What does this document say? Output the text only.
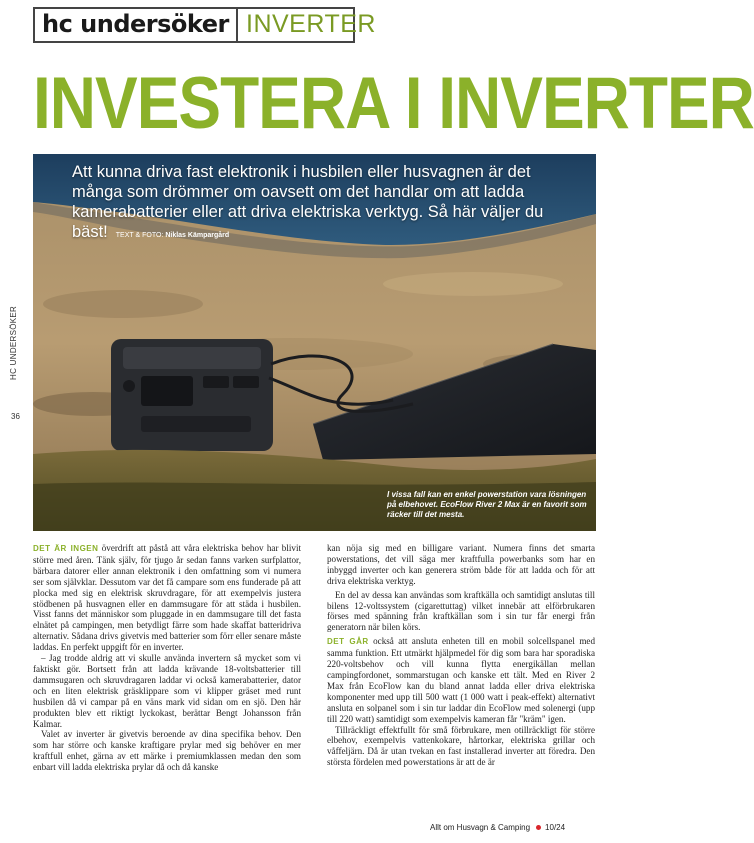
hc undersöker INVERTER
INVESTERA I INVERTER
HC UNDERSÖKER
36
Att kunna driva fast elektronik i husbilen eller husvagnen är det många som drömmer om oavsett om det handlar om att ladda kamerabatterier eller att driva elektriska verktyg. Så här väljer du bäst! TEXT & FOTO: Niklas Kämpargård
I vissa fall kan en enkel powerstation vara lösningen på elbehovet. EcoFlow River 2 Max är en favorit som räcker till det mesta.

DET ÄR INGEN överdrift att påstå att våra elektriska behov har blivit större med åren. Tänk själv, för tjugo år sedan fanns varken surfplattor, bärbara datorer eller annan elektronik i den omfattning som vi numera ser som självklar. Dessutom var det få campare som ens funderade på att plocka med sig en elektrisk skruvdragare, för att exempelvis justera stödbenen på husvagnen eller en dammsugare för att städa i husbilen. Visst fanns det människor som pluggade in en dammsugare till det fasta elnätet på campingen, men betydligt färre som hade skaffat batteridriva alternativ. Sådana drivs givetvis med batterier som förr eller senare måste laddas. En perfekt uppgift för en inverter.

– Jag trodde aldrig att vi skulle använda invertern så mycket som vi faktiskt gör. Bortsett från att ladda krävande 18-voltsbatterier till dammsugaren och skruvdragaren laddar vi också kamerabatterier, dator och en liten elektrisk gräsklippare som vi klipper gräset med runt husbilen då vi campar på en väns mark vid sidan om en sjö. Den här produkten blev ett riktigt lyckokast, berättar Bengt Johansson från Kalmar.

Valet av inverter är givetvis beroende av dina specifika behov. Den som har större och kanske kraftigare prylar med sig behöver en mer kraftfull enhet, gärna av ett märke i premiumklassen medan den som enbart vill ladda elektriska prylar då och då kanske

kan nöja sig med en billigare variant. Numera finns det smarta powerstations, det vill säga mer kraftfulla powerbanks som har en inbyggd inverter och kan generera ström både för att ladda och för att driva elektriska verktyg.

En del av dessa kan användas som kraftkälla och samtidigt anslutas till bilens 12-voltssystem (cigarettuttag) vilket innebär att elförbrukaren förses med spänning från kraftkällan som i sin tur får energi från generatorn när bilen körs.

DET GÅR också att ansluta enheten till en mobil solcellspanel med samma funktion. Ett utmärkt hjälpmedel för dig som bara har sporadiska 220-voltsbehov och vill kunna flytta energikällan mellan campingfordonet, sommarstugan och kanske ett tält. Med en River 2 Max från EcoFlow kan du bland annat ladda eller driva elektriska komponenter med upp till 500 watt (1 000 watt i peak-effekt) alternativt ansluta en solpanel som i sin tur laddar din EcoFlow med solenergi (upp till 220 watt) samtidigt som exempelvis kameran får "kräm" igen.

Tillräckligt effektfullt för små förbrukare, men otillräckligt för större elbehov, exempelvis vattenkokare, hårtorkar, elektriska grillar och våffeljärn. Då är utan tvekan en fast installerad inverter att föredra. Den största fördelen med powerstations är att de är

Allt om Husvagn & Camping 10/24
